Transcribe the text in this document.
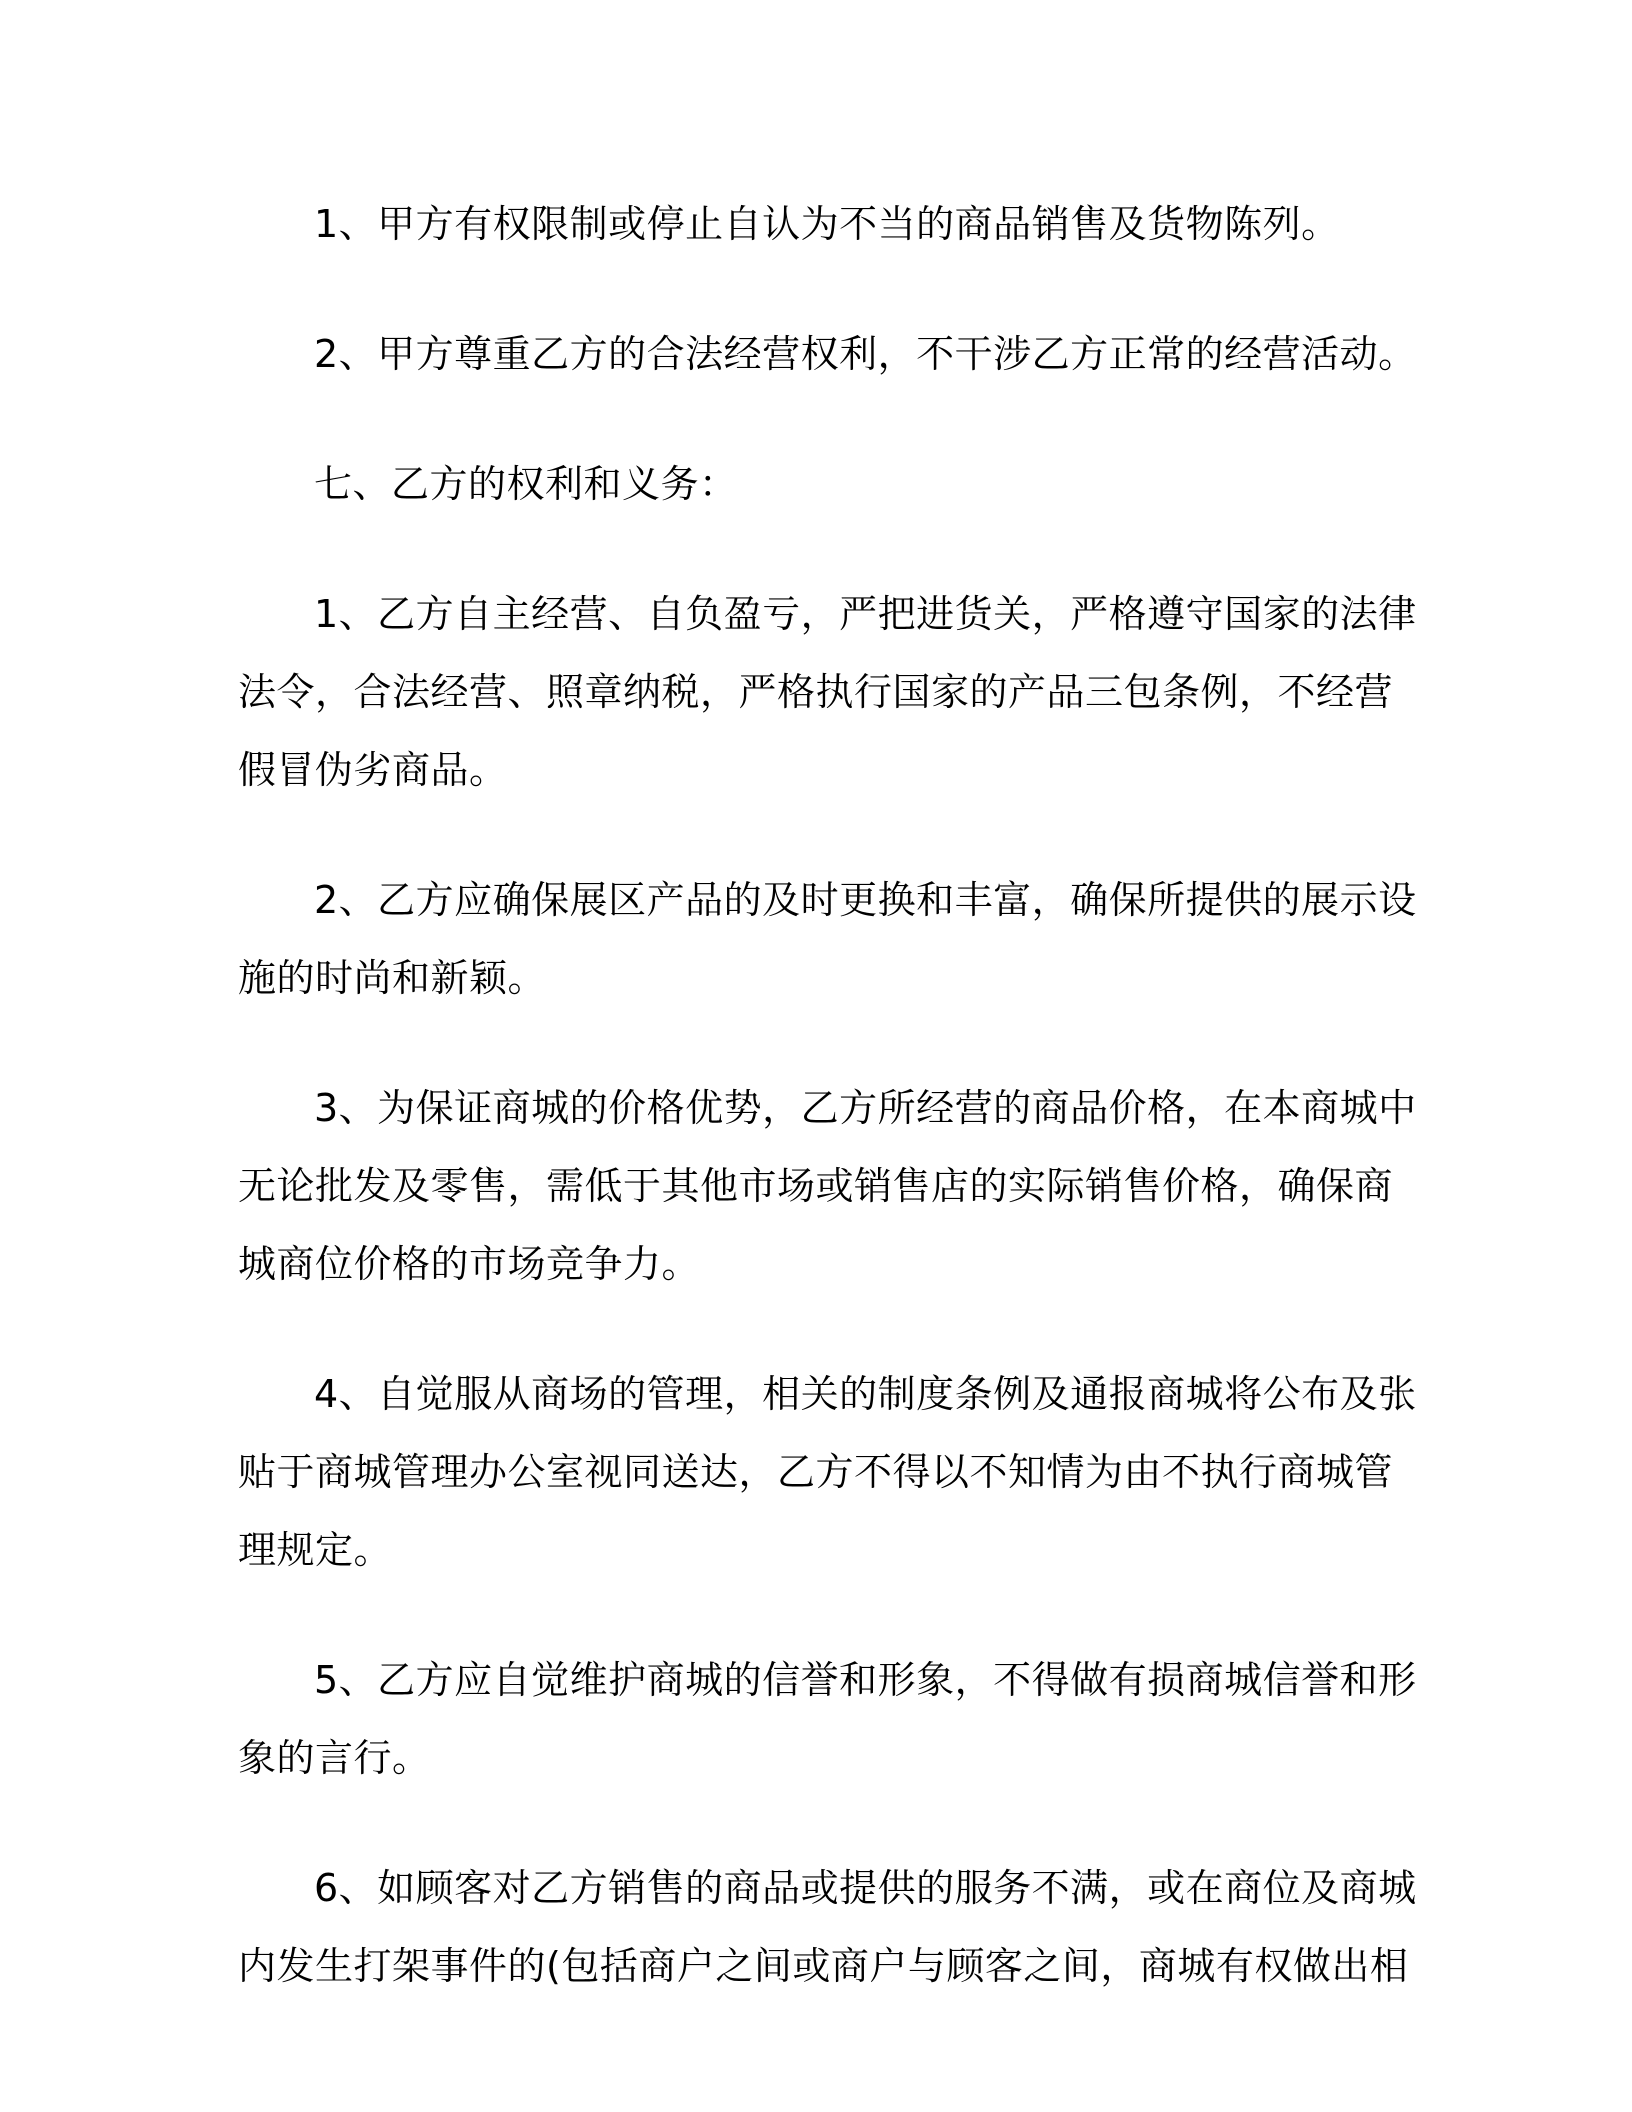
1、甲方有权限制或停止自认为不当的商品销售及货物陈列。

2、甲方尊重乙方的合法经营权利，不干涉乙方正常的经营活动。

七、乙方的权利和义务：

1、乙方自主经营、自负盈亏，严把进货关，严格遵守国家的法律
法令，合法经营、照章纳税，严格执行国家的产品三包条例，不经营
假冒伪劣商品。

2、乙方应确保展区产品的及时更换和丰富，确保所提供的展示设
施的时尚和新颖。

3、为保证商城的价格优势，乙方所经营的商品价格，在本商城中
无论批发及零售，需低于其他市场或销售店的实际销售价格，确保商
城商位价格的市场竞争力。

4、自觉服从商场的管理，相关的制度条例及通报商城将公布及张
贴于商城管理办公室视同送达，乙方不得以不知情为由不执行商城管
理规定。

5、乙方应自觉维护商城的信誉和形象，不得做有损商城信誉和形
象的言行。

6、如顾客对乙方销售的商品或提供的服务不满，或在商位及商城
内发生打架事件的(包括商户之间或商户与顾客之间，商城有权做出相
